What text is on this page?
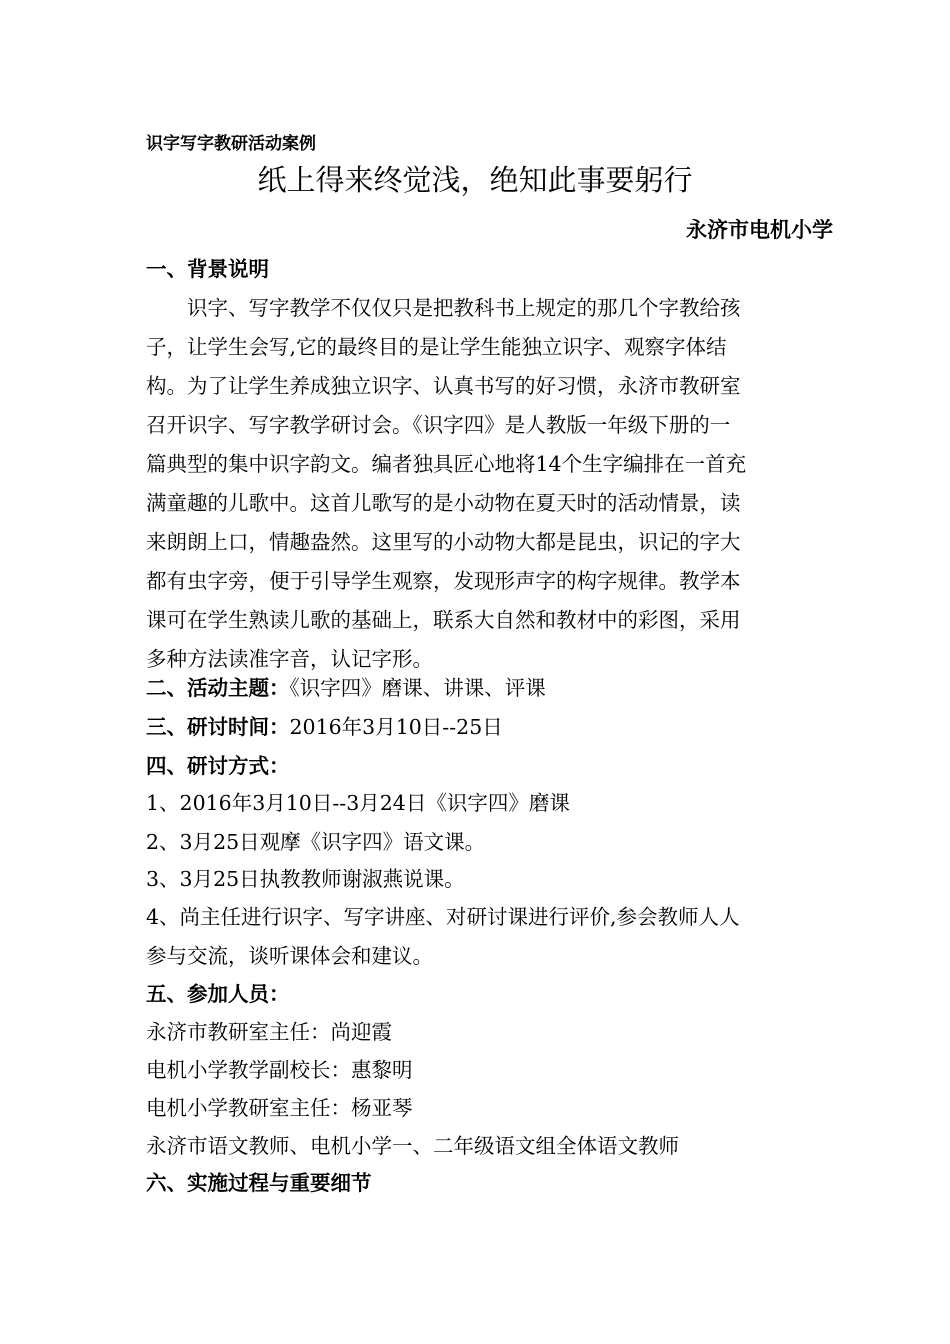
识字写字教研活动案例
纸上得来终觉浅，绝知此事要躬行
永济市电机小学
一、背景说明
　　识字、写字教学不仅仅只是把教科书上规定的那几个字教给孩
子，让学生会写,它的最终目的是让学生能独立识字、观察字体结
构。为了让学生养成独立识字、认真书写的好习惯，永济市教研室
召开识字、写字教学研讨会。《识字四》是人教版一年级下册的一
篇典型的集中识字韵文。编者独具匠心地将14个生字编排在一首充
满童趣的儿歌中。这首儿歌写的是小动物在夏天时的活动情景，读
来朗朗上口，情趣盎然。这里写的小动物大都是昆虫，识记的字大
都有虫字旁，便于引导学生观察，发现形声字的构字规律。教学本
课可在学生熟读儿歌的基础上，联系大自然和教材中的彩图，采用
多种方法读准字音，认记字形。
二、活动主题：《识字四》磨课、讲课、评课
三、研讨时间：2016年3月10日--25日
四、研讨方式：
1、2016年3月10日--3月24日《识字四》磨课
2、3月25日观摩《识字四》语文课。
3、3月25日执教教师谢淑燕说课。
4、尚主任进行识字、写字讲座、对研讨课进行评价,参会教师人人
参与交流，谈听课体会和建议。
五、参加人员：
永济市教研室主任：尚迎霞
电机小学教学副校长：惠黎明
电机小学教研室主任：杨亚琴
永济市语文教师、电机小学一、二年级语文组全体语文教师
六、实施过程与重要细节
